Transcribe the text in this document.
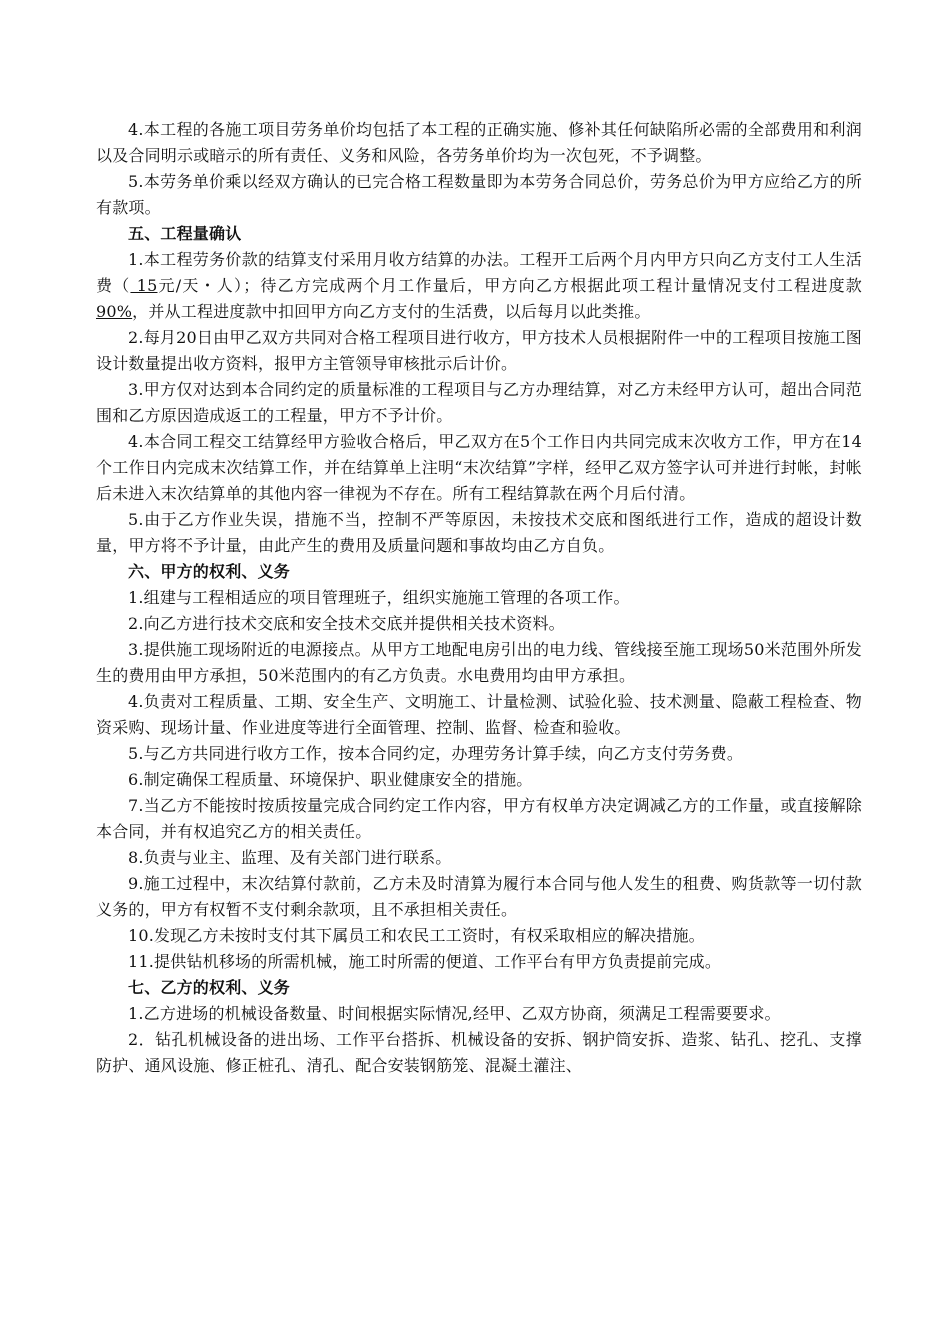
4.本工程的各施工项目劳务单价均包括了本工程的正确实施、修补其任何缺陷所必需的全部费用和利润以及合同明示或暗示的所有责任、义务和风险，各劳务单价均为一次包死，不予调整。

5.本劳务单价乘以经双方确认的已完合格工程数量即为本劳务合同总价，劳务总价为甲方应给乙方的所有款项。

五、工程量确认

1.本工程劳务价款的结算支付采用月收方结算的办法。工程开工后两个月内甲方只向乙方支付工人生活费（ 15元/天・人）；待乙方完成两个月工作量后，甲方向乙方根据此项工程计量情况支付工程进度款90%，并从工程进度款中扣回甲方向乙方支付的生活费，以后每月以此类推。

2.每月20日由甲乙双方共同对合格工程项目进行收方，甲方技术人员根据附件一中的工程项目按施工图设计数量提出收方资料，报甲方主管领导审核批示后计价。

3.甲方仅对达到本合同约定的质量标准的工程项目与乙方办理结算，对乙方未经甲方认可，超出合同范围和乙方原因造成返工的工程量，甲方不予计价。

4.本合同工程交工结算经甲方验收合格后，甲乙双方在5个工作日内共同完成末次收方工作，甲方在14个工作日内完成末次结算工作，并在结算单上注明“末次结算”字样，经甲乙双方签字认可并进行封帐，封帐后未进入末次结算单的其他内容一律视为不存在。所有工程结算款在两个月后付清。

5.由于乙方作业失误，措施不当，控制不严等原因，未按技术交底和图纸进行工作，造成的超设计数量，甲方将不予计量，由此产生的费用及质量问题和事故均由乙方自负。

六、甲方的权利、义务

1.组建与工程相适应的项目管理班子，组织实施施工管理的各项工作。

2.向乙方进行技术交底和安全技术交底并提供相关技术资料。

3.提供施工现场附近的电源接点。从甲方工地配电房引出的电力线、管线接至施工现场50米范围外所发生的费用由甲方承担，50米范围内的有乙方负责。水电费用均由甲方承担。

4.负责对工程质量、工期、安全生产、文明施工、计量检测、试验化验、技术测量、隐蔽工程检查、物资采购、现场计量、作业进度等进行全面管理、控制、监督、检查和验收。

5.与乙方共同进行收方工作，按本合同约定，办理劳务计算手续，向乙方支付劳务费。

6.制定确保工程质量、环境保护、职业健康安全的措施。

7.当乙方不能按时按质按量完成合同约定工作内容，甲方有权单方决定调减乙方的工作量，或直接解除本合同，并有权追究乙方的相关责任。

8.负责与业主、监理、及有关部门进行联系。

9.施工过程中，末次结算付款前，乙方未及时清算为履行本合同与他人发生的租费、购货款等一切付款义务的，甲方有权暂不支付剩余款项，且不承担相关责任。

10.发现乙方未按时支付其下属员工和农民工工资时，有权采取相应的解决措施。

11.提供钻机移场的所需机械，施工时所需的便道、工作平台有甲方负责提前完成。

七、乙方的权利、义务

1.乙方进场的机械设备数量、时间根据实际情况,经甲、乙双方协商，须满足工程需要要求。

2．钻孔机械设备的进出场、工作平台搭拆、机械设备的安拆、钢护筒安拆、造浆、钻孔、挖孔、支撑防护、通风设施、修正桩孔、清孔、配合安装钢筋笼、混凝土灌注、
